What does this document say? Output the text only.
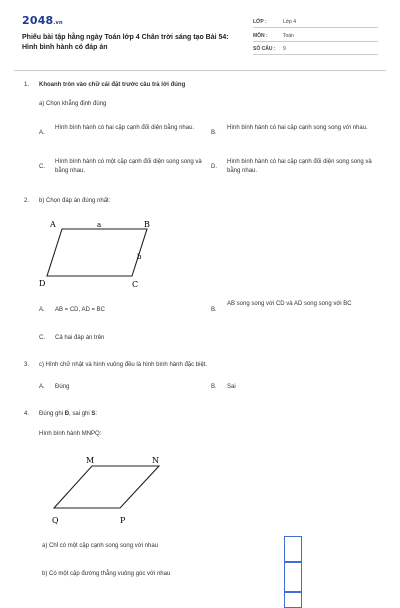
2048.vn
Phiếu bài tập hằng ngày Toán lớp 4 Chân trời sáng tạo Bài 54: Hình bình hành có đáp án
LỚP :	Lớp 4
MÔN :	Toán
SỐ CÂU : 9
1. Khoanh tròn vào chữ cái đặt trước câu trả lời đúng
a) Chọn khẳng định đúng
A.
Hình bình hành có hai cặp cạnh đối diện bằng nhau.
B.
Hình bình hành có hai cặp cạnh song song với nhau.
C.
Hình bình hành có một cặp cạnh đối diện song song và bằng nhau.
D.
Hình bình hành có hai cặp cạnh đối diện song song và bằng nhau.
2. b) Chọn đáp án đúng nhất:
A	B
C
D
a
b
A. AB = CD, AD = BC	B.
AB song song với CD và AD song song với BC
C. Cả hai đáp án trên
3. c) Hình chữ nhật và hình vuông đều là hình bình hành đặc biệt.
A. Đúng	B. Sai
4. Đúng ghi Đ, sai ghi S:
Hình bình hành MNPQ:
M	N
P
Q
a) Chỉ có một cặp cạnh song song với nhau
b) Có một cặp đường thẳng vuông góc với nhau
